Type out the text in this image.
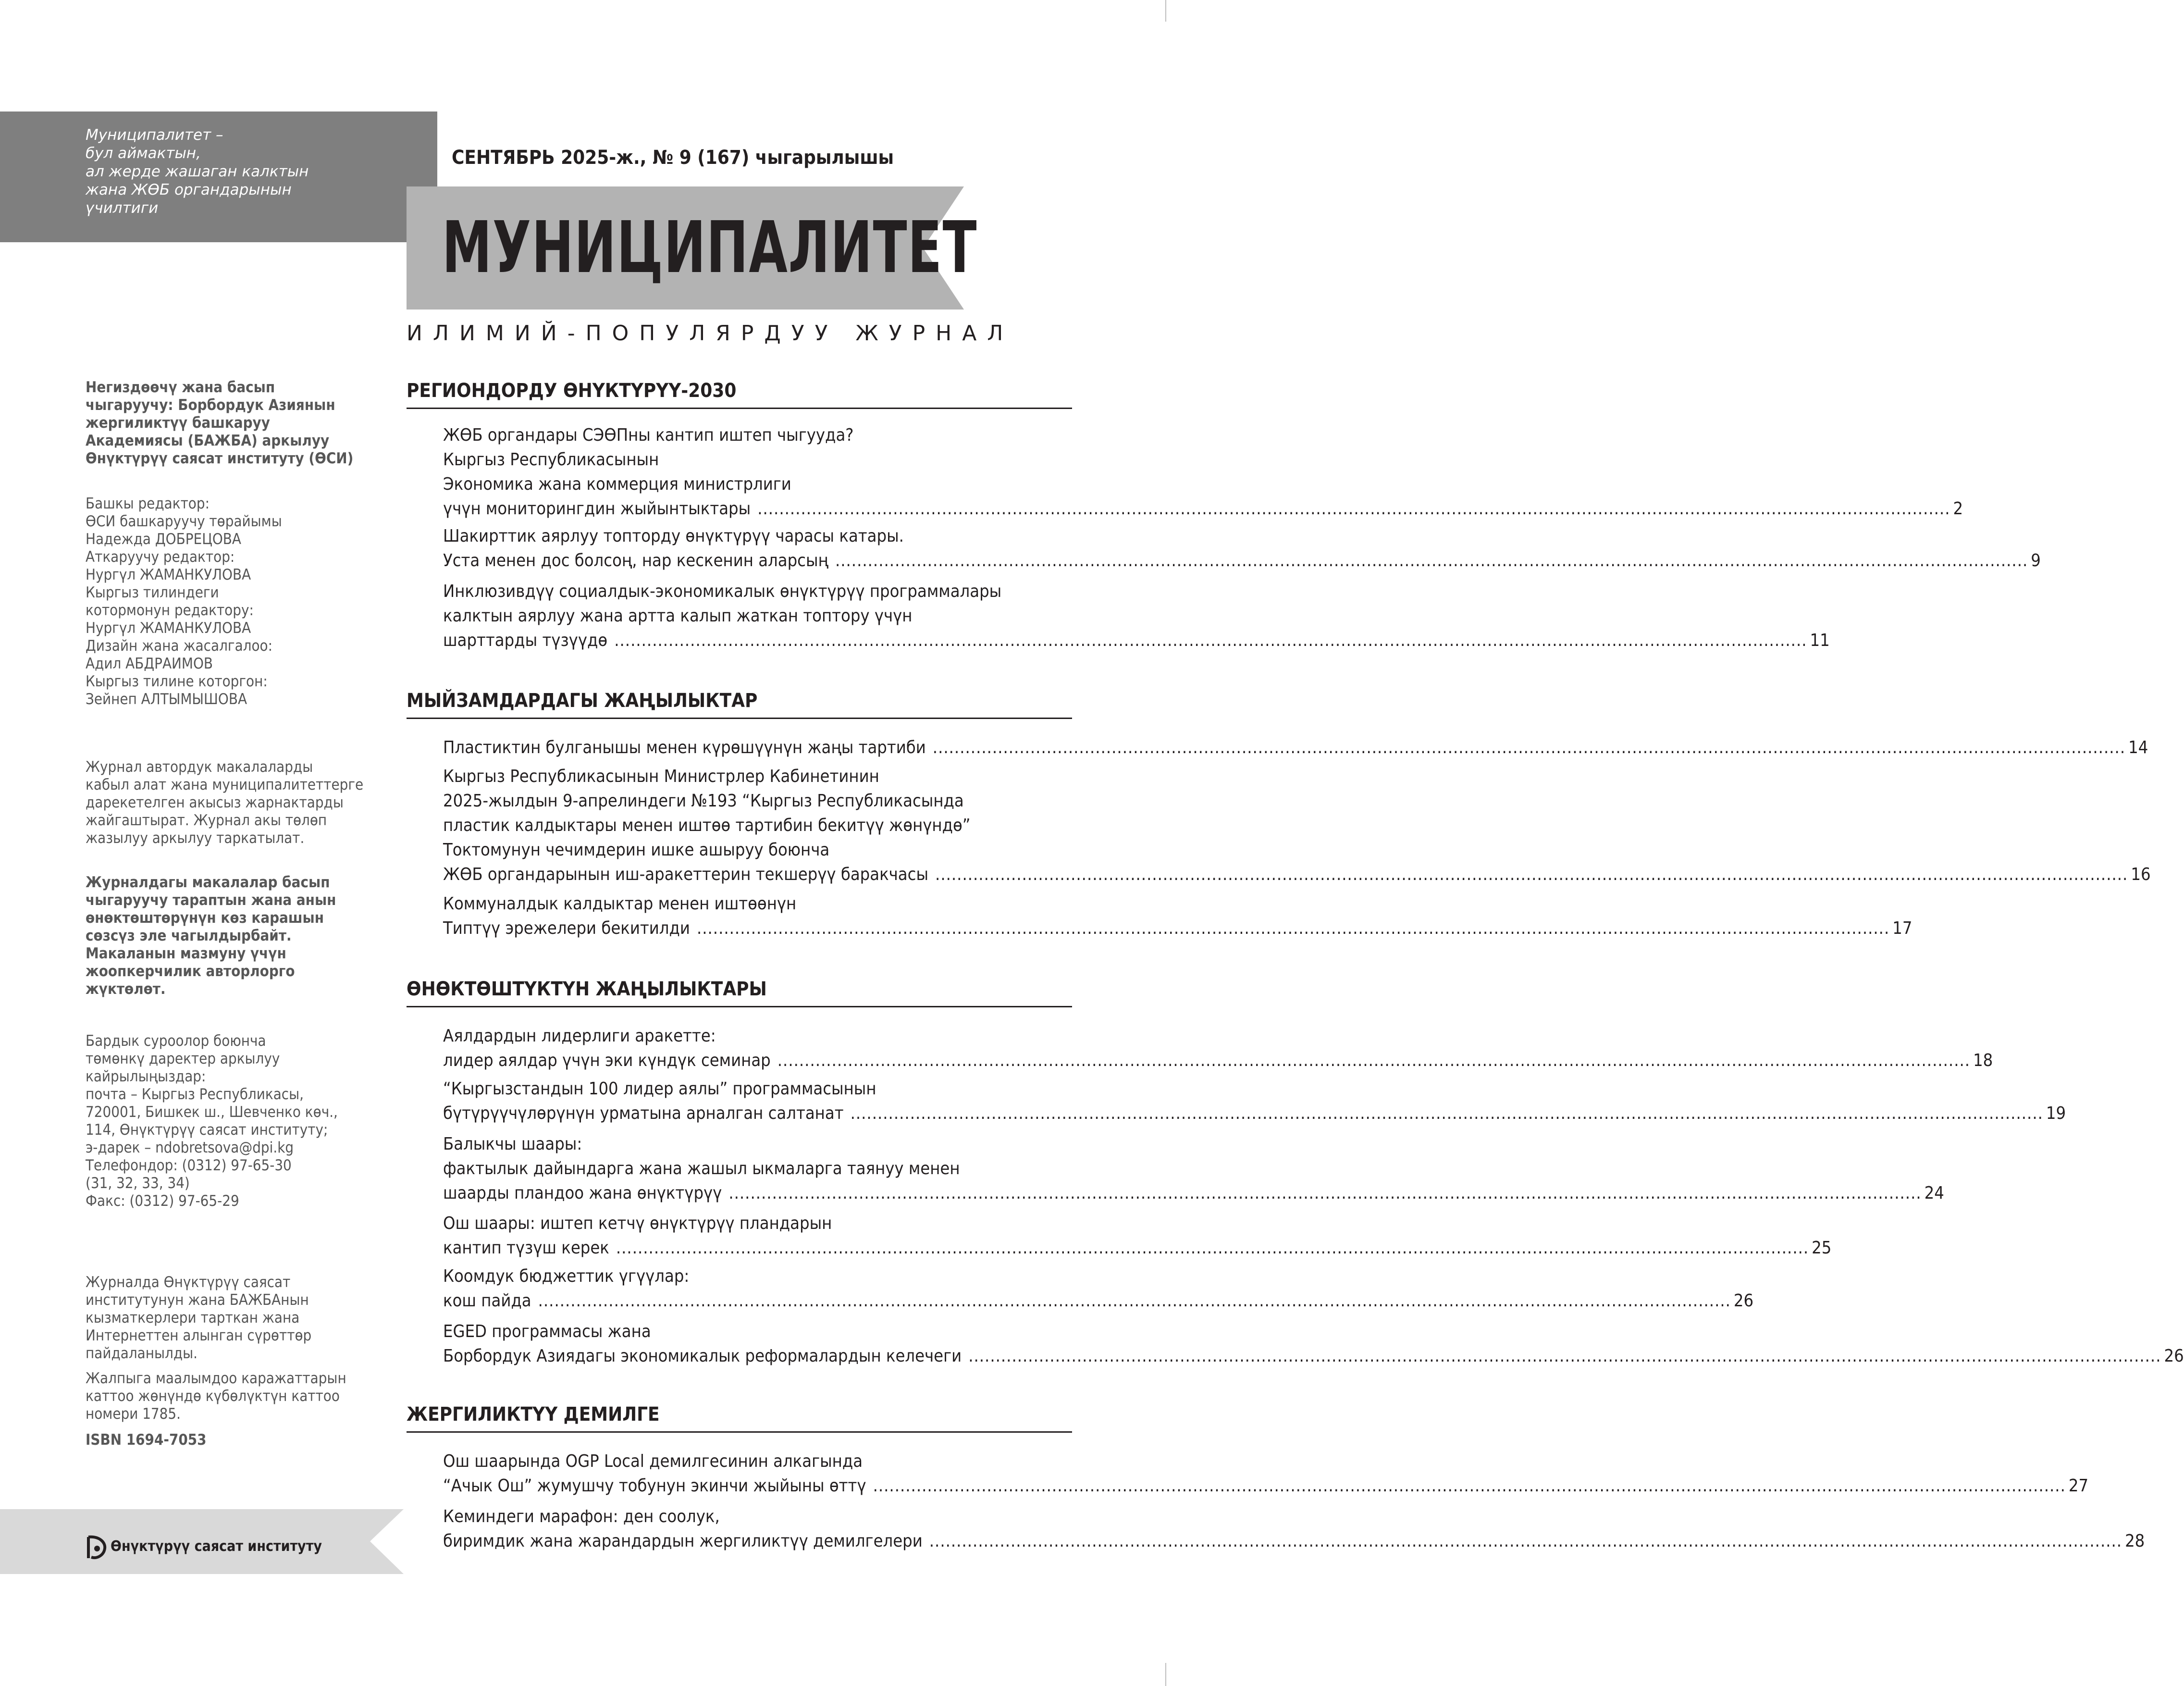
Муниципалитет –
бул аймактын,
ал жерде жашаган калктын
жана ЖӨБ органдарынын
үчилтиги
СЕНТЯБРЬ 2025-ж., № 9 (167) чыгарылышы
МУНИЦИПАЛИТЕТ
ИЛИМИЙ-ПОПУЛЯРДУУ ЖУРНАЛ
Негиздөөчү жана басып
чыгаруучу: Борбордук Азиянын
жергиликтүү башкаруу
Академиясы (БАЖБА) аркылуу
Өнүктүрүү саясат институту (ӨСИ)
Башкы редактор:
ӨСИ башкаруучу төрайымы
Надежда ДОБРЕЦОВА
Аткаруучу редактор:
Нургүл ЖАМАНКУЛОВА
Кыргыз тилиндеги
котормонун редактору:
Нургүл ЖАМАНКУЛОВА
Дизайн жана жасалгалоо:
Адил АБДРАИМОВ
Кыргыз тилине которгон:
Зейнеп АЛТЫМЫШОВА
Журнал автордук макалаларды
кабыл алат жана муниципалитеттерге
дарекетелген акысыз жарнактарды
жайгаштырат. Журнал акы төлөп
жазылуу аркылуу таркатылат.
Журналдагы макалалар басып
чыгаруучу тараптын жана анын
өнөктөштөрүнүн көз карашын
сөзсүз эле чагылдырбайт.
Макаланын мазмуну үчүн
жоопкерчилик авторлорго
жүктөлөт.
Бардык суроолор боюнча
төмөнкү даректер аркылуу
кайрылыңыздар:
почта – Кыргыз Республикасы,
720001, Бишкек ш., Шевченко көч.,
114, Өнүктүрүү саясат институту;
э-дарек – ndobretsova@dpi.kg
Телефондор: (0312) 97-65-30
(31, 32, 33, 34)
Факс: (0312) 97-65-29
Журналда Өнүктүрүү саясат
институтунун жана БАЖБАнын
кызматкерлери тарткан жана
Интернеттен алынган сүрөттөр
пайдаланылды.
Жалпыга маалымдоо каражаттарын
каттоо жөнүндө күбөлүктүн каттоо
номери 1785.
ISBN 1694-7053
Өнүктүрүү саясат институту
РЕГИОНДОРДУ ӨНҮКТҮРҮҮ-2030
ЖӨБ органдары СЭӨПны кантип иштеп чыгууда?
Кыргыз Республикасынын
Экономика жана коммерция министрлиги
үчүн мониторингдин жыйынтыктары ............................................................................................................................................................................................................................ 2
Шакирттик аярлуу топторду өнүктүрүү чарасы катары.
Уста менен дос болсоң, нар кескенин аларсың ............................................................................................................................................................................................................................ 9
Инклюзивдүү социалдык-экономикалык өнүктүрүү программалары
калктын аярлуу жана артта калып жаткан топтору үчүн
шарттарды түзүүдө ............................................................................................................................................................................................................................ 11
МЫЙЗАМДАРДАГЫ ЖАҢЫЛЫКТАР
Пластиктин булганышы менен күрөшүүнүн жаңы тартиби ............................................................................................................................................................................................................................ 14
Кыргыз Республикасынын Министрлер Кабинетинин
2025-жылдын 9-апрелиндеги №193 “Кыргыз Республикасында
пластик калдыктары менен иштөө тартибин бекитүү жөнүндө”
Токтомунун чечимдерин ишке ашыруу боюнча
ЖӨБ органдарынын иш-аракеттерин текшерүү баракчасы ............................................................................................................................................................................................................................ 16
Коммуналдык калдыктар менен иштөөнүн
Типтүү эрежелери бекитилди ............................................................................................................................................................................................................................ 17
ӨНӨКТӨШТҮКТҮН ЖАҢЫЛЫКТАРЫ
Аялдардын лидерлиги аракетте:
лидер аялдар үчүн эки күндүк семинар ............................................................................................................................................................................................................................ 18
“Кыргызстандын 100 лидер аялы” программасынын
бүтүрүүчүлөрүнүн урматына арналган салтанат ............................................................................................................................................................................................................................ 19
Балыкчы шаары:
фактылык дайындарга жана жашыл ыкмаларга таянуу менен
шаарды пландоо жана өнүктүрүү ............................................................................................................................................................................................................................ 24
Ош шаары: иштеп кетчү өнүктүрүү пландарын
кантип түзүш керек ............................................................................................................................................................................................................................ 25
Коомдук бюджеттик үгүүлар:
кош пайда ............................................................................................................................................................................................................................ 26
EGED программасы жана
Борбордук Азиядагы экономикалык реформалардын келечеги ............................................................................................................................................................................................................................ 26
ЖЕРГИЛИКТҮҮ ДЕМИЛГЕ
Ош шаарында OGP Local демилгесинин алкагында
“Ачык Ош” жумушчу тобунун экинчи жыйыны өттү ............................................................................................................................................................................................................................ 27
Кеминдеги марафон: ден соолук,
биримдик жана жарандардын жергиликтүү демилгелери ............................................................................................................................................................................................................................ 28
